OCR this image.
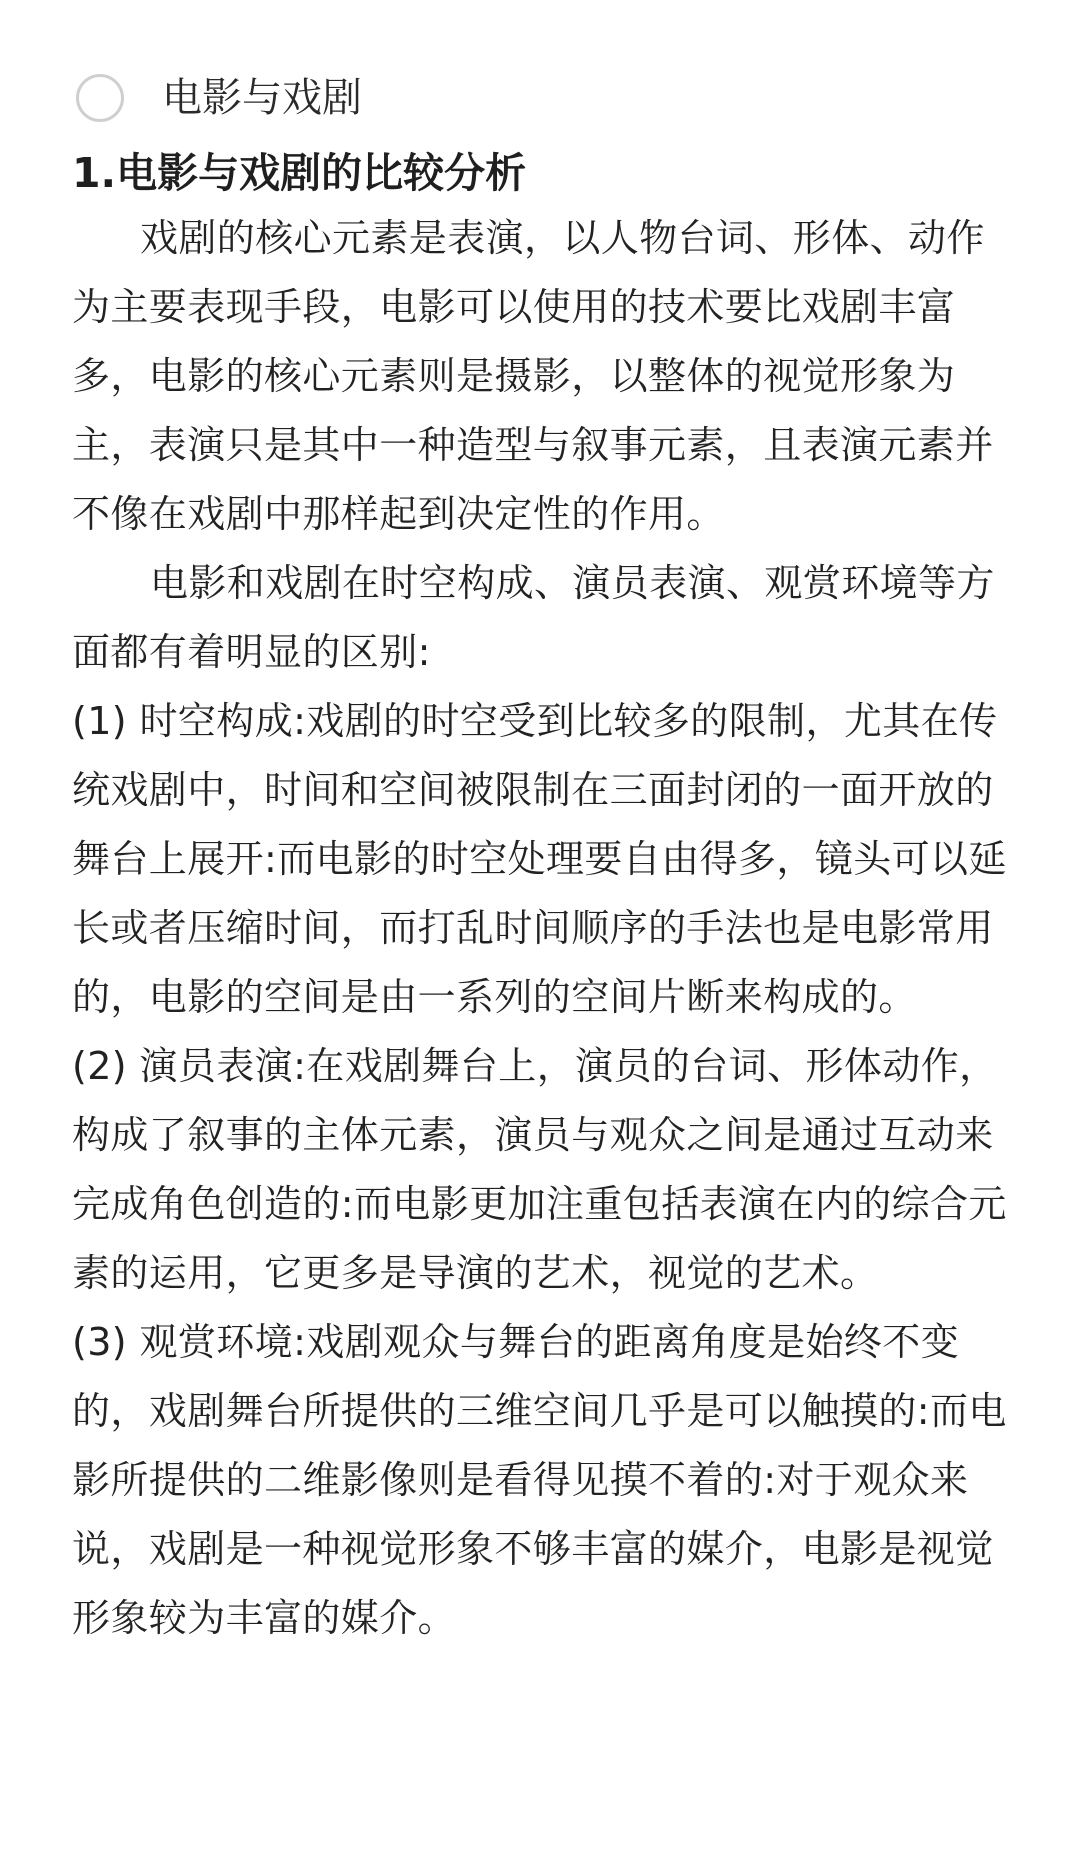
电影与戏剧
1.电影与戏剧的比较分析

戏剧的核心元素是表演，以人物台词、形体、动作为主要表现手段，电影可以使用的技术要比戏剧丰富多，电影的核心元素则是摄影，以整体的视觉形象为主，表演只是其中一种造型与叙事元素，且表演元素并不像在戏剧中那样起到决定性的作用。

电影和戏剧在时空构成、演员表演、观赏环境等方面都有着明显的区别:

(1) 时空构成:戏剧的时空受到比较多的限制，尤其在传统戏剧中，时间和空间被限制在三面封闭的一面开放的舞台上展开:而电影的时空处理要自由得多，镜头可以延长或者压缩时间，而打乱时间顺序的手法也是电影常用的，电影的空间是由一系列的空间片断来构成的。

(2) 演员表演:在戏剧舞台上，演员的台词、形体动作，构成了叙事的主体元素，演员与观众之间是通过互动来完成角色创造的:而电影更加注重包括表演在内的综合元素的运用，它更多是导演的艺术，视觉的艺术。

(3) 观赏环境:戏剧观众与舞台的距离角度是始终不变的，戏剧舞台所提供的三维空间几乎是可以触摸的:而电影所提供的二维影像则是看得见摸不着的:对于观众来说，戏剧是一种视觉形象不够丰富的媒介，电影是视觉形象较为丰富的媒介。
